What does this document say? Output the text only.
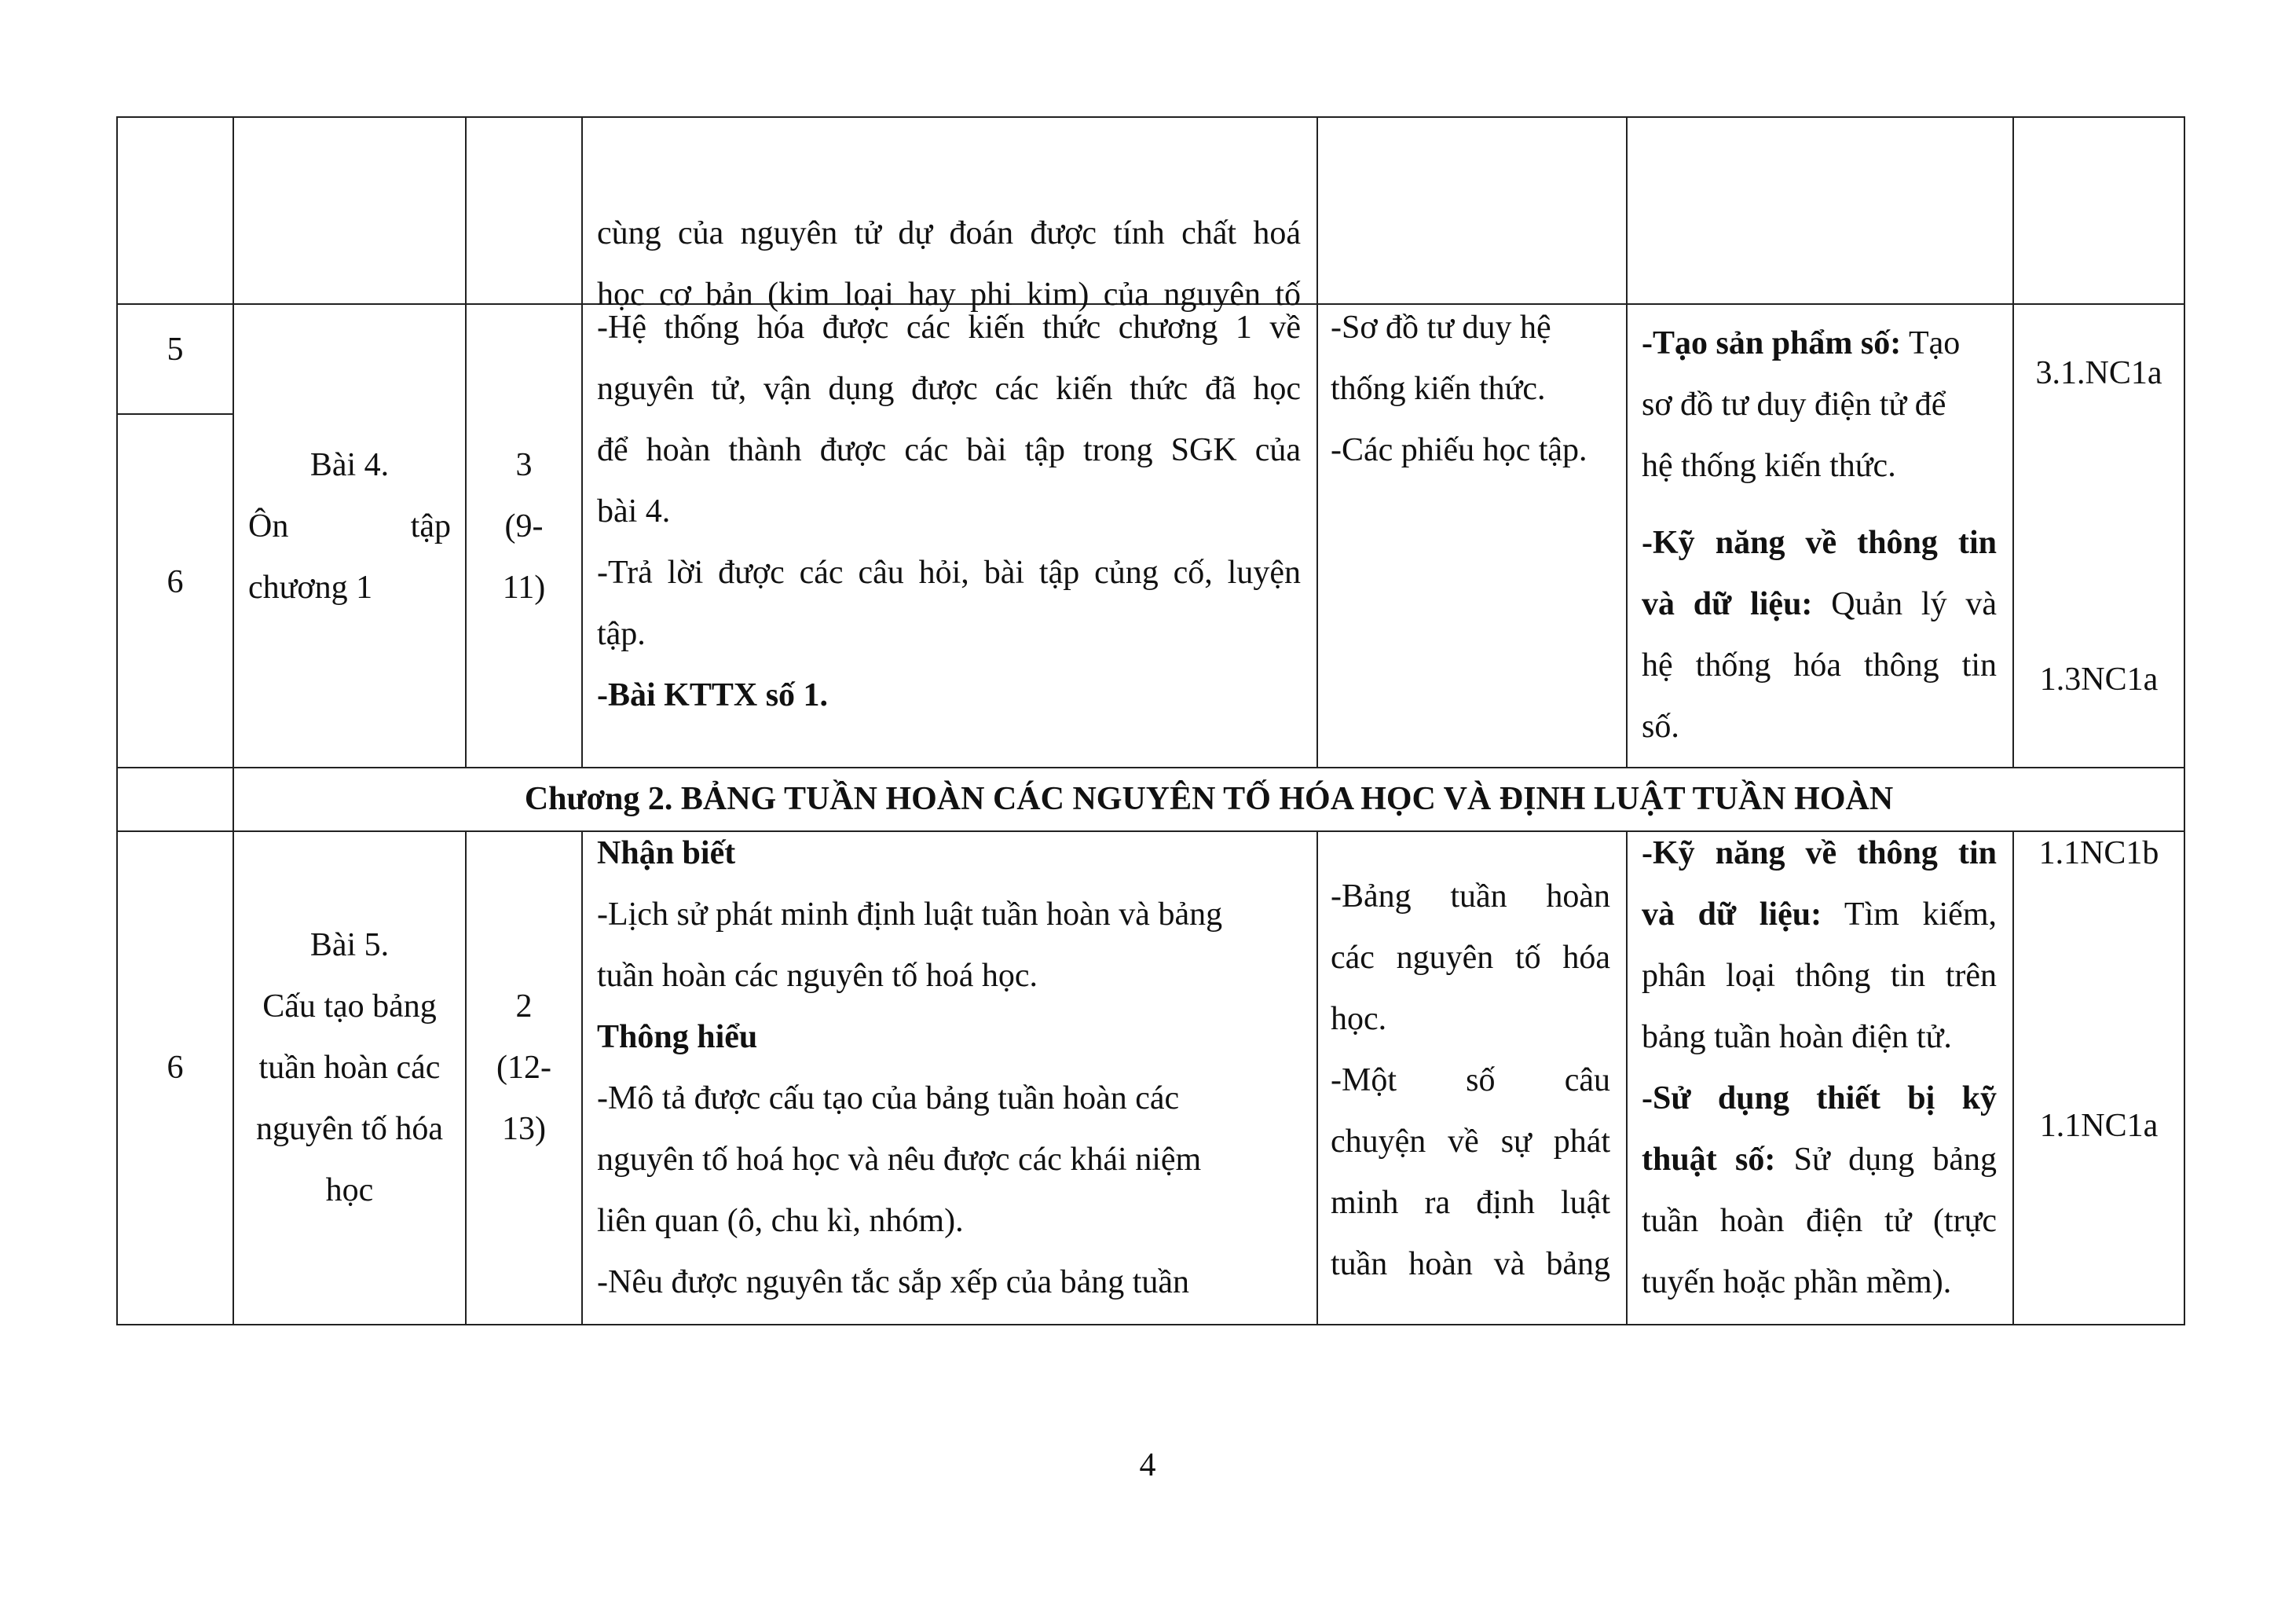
cùng của nguyên tử dự đoán được tính chất hoá

học cơ bản (kim loại hay phi kim) của nguyên tố

5

6

Bài 4.

Ôn tập

chương 1

3

(9-

11)

-Hệ thống hóa được các kiến thức chương 1 về

nguyên tử, vận dụng được các kiến thức đã học

để hoàn thành được các bài tập trong SGK của

bài 4.

-Trả lời được các câu hỏi, bài tập củng cố, luyện

tập.

-Bài KTTX số 1.

-Sơ đồ tư duy hệ

thống kiến thức.

-Các phiếu học tập.

-Tạo sản phẩm số: Tạo

sơ đồ tư duy điện tử để

hệ thống kiến thức.

-Kỹ năng về thông tin

và dữ liệu: Quản lý và

hệ thống hóa thông tin

số.

3.1.NC1a

1.3NC1a

Chương 2. BẢNG TUẦN HOÀN CÁC NGUYÊN TỐ HÓA HỌC VÀ ĐỊNH LUẬT TUẦN HOÀN

6

Bài 5.

Cấu tạo bảng

tuần hoàn các

nguyên tố hóa

học

2

(12-

13)

Nhận biết

-Lịch sử phát minh định luật tuần hoàn và bảng

tuần hoàn các nguyên tố hoá học.

Thông hiểu

-Mô tả được cấu tạo của bảng tuần hoàn các

nguyên tố hoá học và nêu được các khái niệm

liên quan (ô, chu kì, nhóm).

-Nêu được nguyên tắc sắp xếp của bảng tuần

-Bảng tuần hoàn

các nguyên tố hóa

học.

-Một số câu

chuyện về sự phát

minh ra định luật

tuần hoàn và bảng

-Kỹ năng về thông tin

và dữ liệu: Tìm kiếm,

phân loại thông tin trên

bảng tuần hoàn điện tử.

-Sử dụng thiết bị kỹ

thuật số: Sử dụng bảng

tuần hoàn điện tử (trực

tuyến hoặc phần mềm).

1.1NC1b

1.1NC1a

4
